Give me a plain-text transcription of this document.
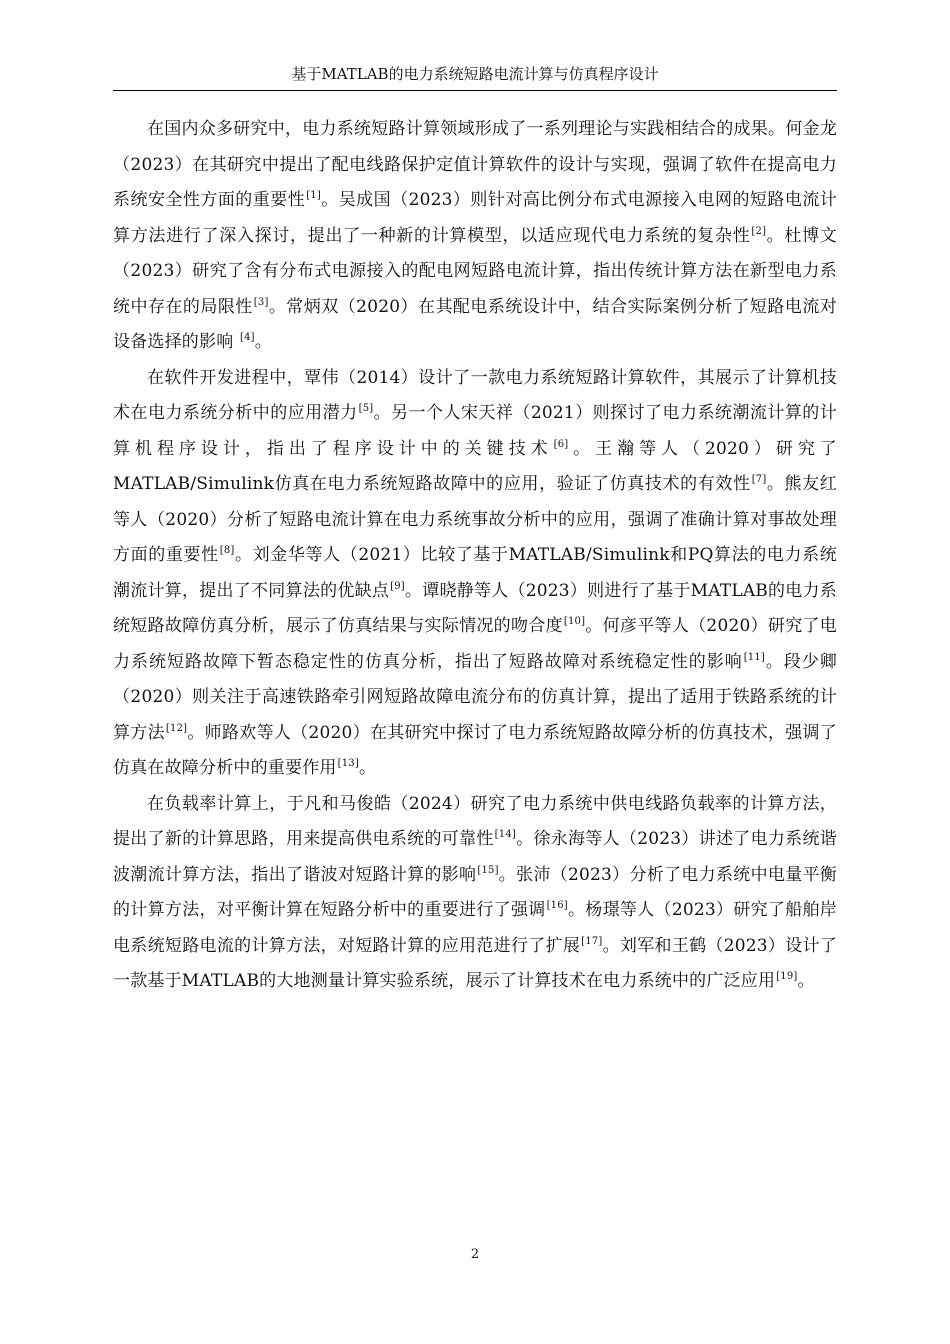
基于MATLAB的电力系统短路电流计算与仿真程序设计

在国内众多研究中，电力系统短路计算领域形成了一系列理论与实践相结合的成果。何金龙（2023）在其研究中提出了配电线路保护定值计算软件的设计与实现，强调了软件在提高电力系统安全性方面的重要性[1]。吴成国（2023）则针对高比例分布式电源接入电网的短路电流计算方法进行了深入探讨，提出了一种新的计算模型，以适应现代电力系统的复杂性[2]。杜博文（2023）研究了含有分布式电源接入的配电网短路电流计算，指出传统计算方法在新型电力系统中存在的局限性[3]。常炳双（2020）在其配电系统设计中，结合实际案例分析了短路电流对设备选择的影响 [4]。

在软件开发进程中，覃伟（2014）设计了一款电力系统短路计算软件，其展示了计算机技术在电力系统分析中的应用潜力[5]。另一个人宋天祥（2021）则探讨了电力系统潮流计算的计算机程序设计，指出了程序设计中的关键技术[6]。王瀚等人（2020）研究了MATLAB/Simulink仿真在电力系统短路故障中的应用，验证了仿真技术的有效性[7]。熊友红等人（2020）分析了短路电流计算在电力系统事故分析中的应用，强调了准确计算对事故处理方面的重要性[8]。刘金华等人（2021）比较了基于MATLAB/Simulink和PQ算法的电力系统潮流计算，提出了不同算法的优缺点[9]。谭晓静等人（2023）则进行了基于MATLAB的电力系统短路故障仿真分析，展示了仿真结果与实际情况的吻合度[10]。何彦平等人（2020）研究了电力系统短路故障下暂态稳定性的仿真分析，指出了短路故障对系统稳定性的影响[11]。段少卿（2020）则关注于高速铁路牵引网短路故障电流分布的仿真计算，提出了适用于铁路系统的计算方法[12]。师路欢等人（2020）在其研究中探讨了电力系统短路故障分析的仿真技术，强调了仿真在故障分析中的重要作用[13]。

在负载率计算上，于凡和马俊皓（2024）研究了电力系统中供电线路负载率的计算方法，提出了新的计算思路，用来提高供电系统的可靠性[14]。徐永海等人（2023）讲述了电力系统谐波潮流计算方法，指出了谐波对短路计算的影响[15]。张沛（2023）分析了电力系统中电量平衡的计算方法，对平衡计算在短路分析中的重要进行了强调[16]。杨璟等人（2023）研究了船舶岸电系统短路电流的计算方法，对短路计算的应用范进行了扩展[17]。刘军和王鹤（2023）设计了一款基于MATLAB的大地测量计算实验系统，展示了计算技术在电力系统中的广泛应用[19]。

2
